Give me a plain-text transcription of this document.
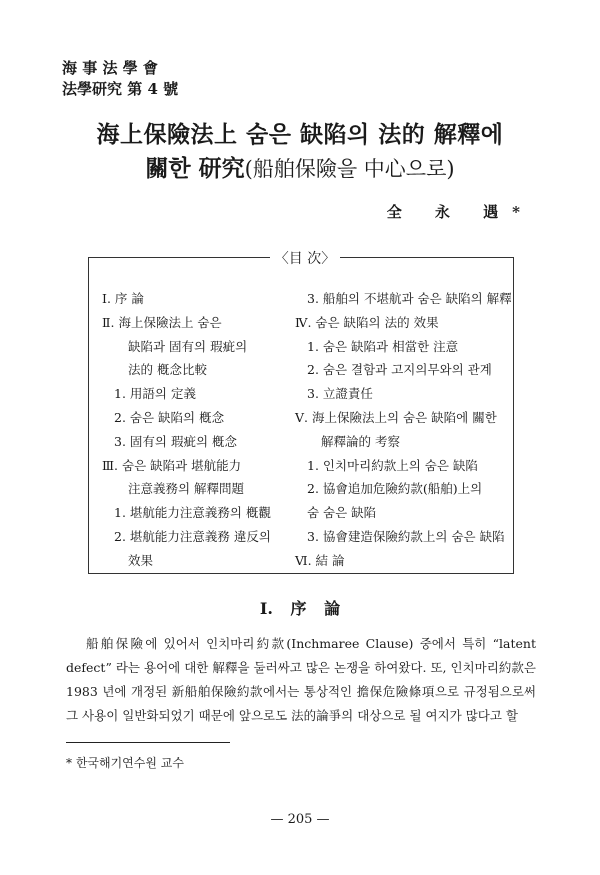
海 事 法 學 會
法學研究 第 4 號
海上保險法上 숨은 缺陷의 法的 解釋에
關한 研究(船舶保險을 中心으로)
全 永 遇*
〈目 次〉
Ⅰ. 序 論
Ⅱ. 海上保險法上 숨은
缺陷과 固有의 瑕疵의
法的 槪念比較
1. 用語의 定義
2. 숨은 缺陷의 槪念
3. 固有의 瑕疵의 槪念
Ⅲ. 숨은 缺陷과 堪航能力
注意義務의 解釋問題
1. 堪航能力注意義務의 槪觀
2. 堪航能力注意義務 違反의
效果
3. 船舶의 不堪航과 숨은 缺陷의 解釋
Ⅳ. 숨은 缺陷의 法的 效果
1. 숨은 缺陷과 相當한 注意
2. 숨은 결함과 고지의무와의 관계
3. 立證責任
Ⅴ. 海上保險法上의 숨은 缺陷에 關한
解釋論的 考察
1. 인치마리約款上의 숨은 缺陷
2. 協會追加危險約款(船舶)上의
숨 숨은 缺陷
3. 協會建造保險約款上의 숨은 缺陷
Ⅵ. 結 論
Ⅰ. 序 論

船舶保險에 있어서 인치마리約款(Inchmaree Clause) 중에서 특히 “latent defect” 라는 용어에 대한 解釋을 둘러싸고 많은 논쟁을 하여왔다. 또, 인치마리約款은 1983 년에 개정된 新船舶保險約款에서는 통상적인 擔保危險條項으로 규정됨으로써 그 사용이 일반화되었기 때문에 앞으로도 法的論爭의 대상으로 될 여지가 많다고 할

* 한국해기연수원 교수
— 205 —
